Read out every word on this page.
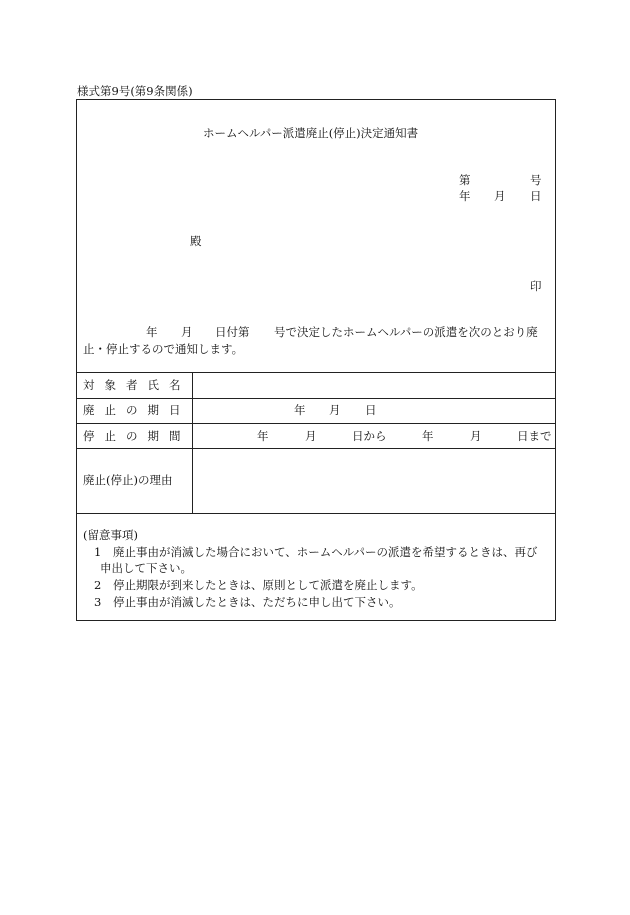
様式第9号(第9条関係)
ホームヘルパー派遣廃止(停止)決定通知書
第	号
年 月 日
殿
印
年 月 日付第 号で決定したホームヘルパーの派遣を次のとおり廃
止・停止するので通知します。
対象者氏名
廃止の期日	年 月 日
停止の期間	年	月	日から	年	月	日まで
廃止(停止)の理由
(留意事項)
1 廃止事由が消滅した場合において、ホームヘルパーの派遣を希望するときは、再び
申出して下さい。
2 停止期限が到来したときは、原則として派遣を廃止します。
3 停止事由が消滅したときは、ただちに申し出て下さい。
